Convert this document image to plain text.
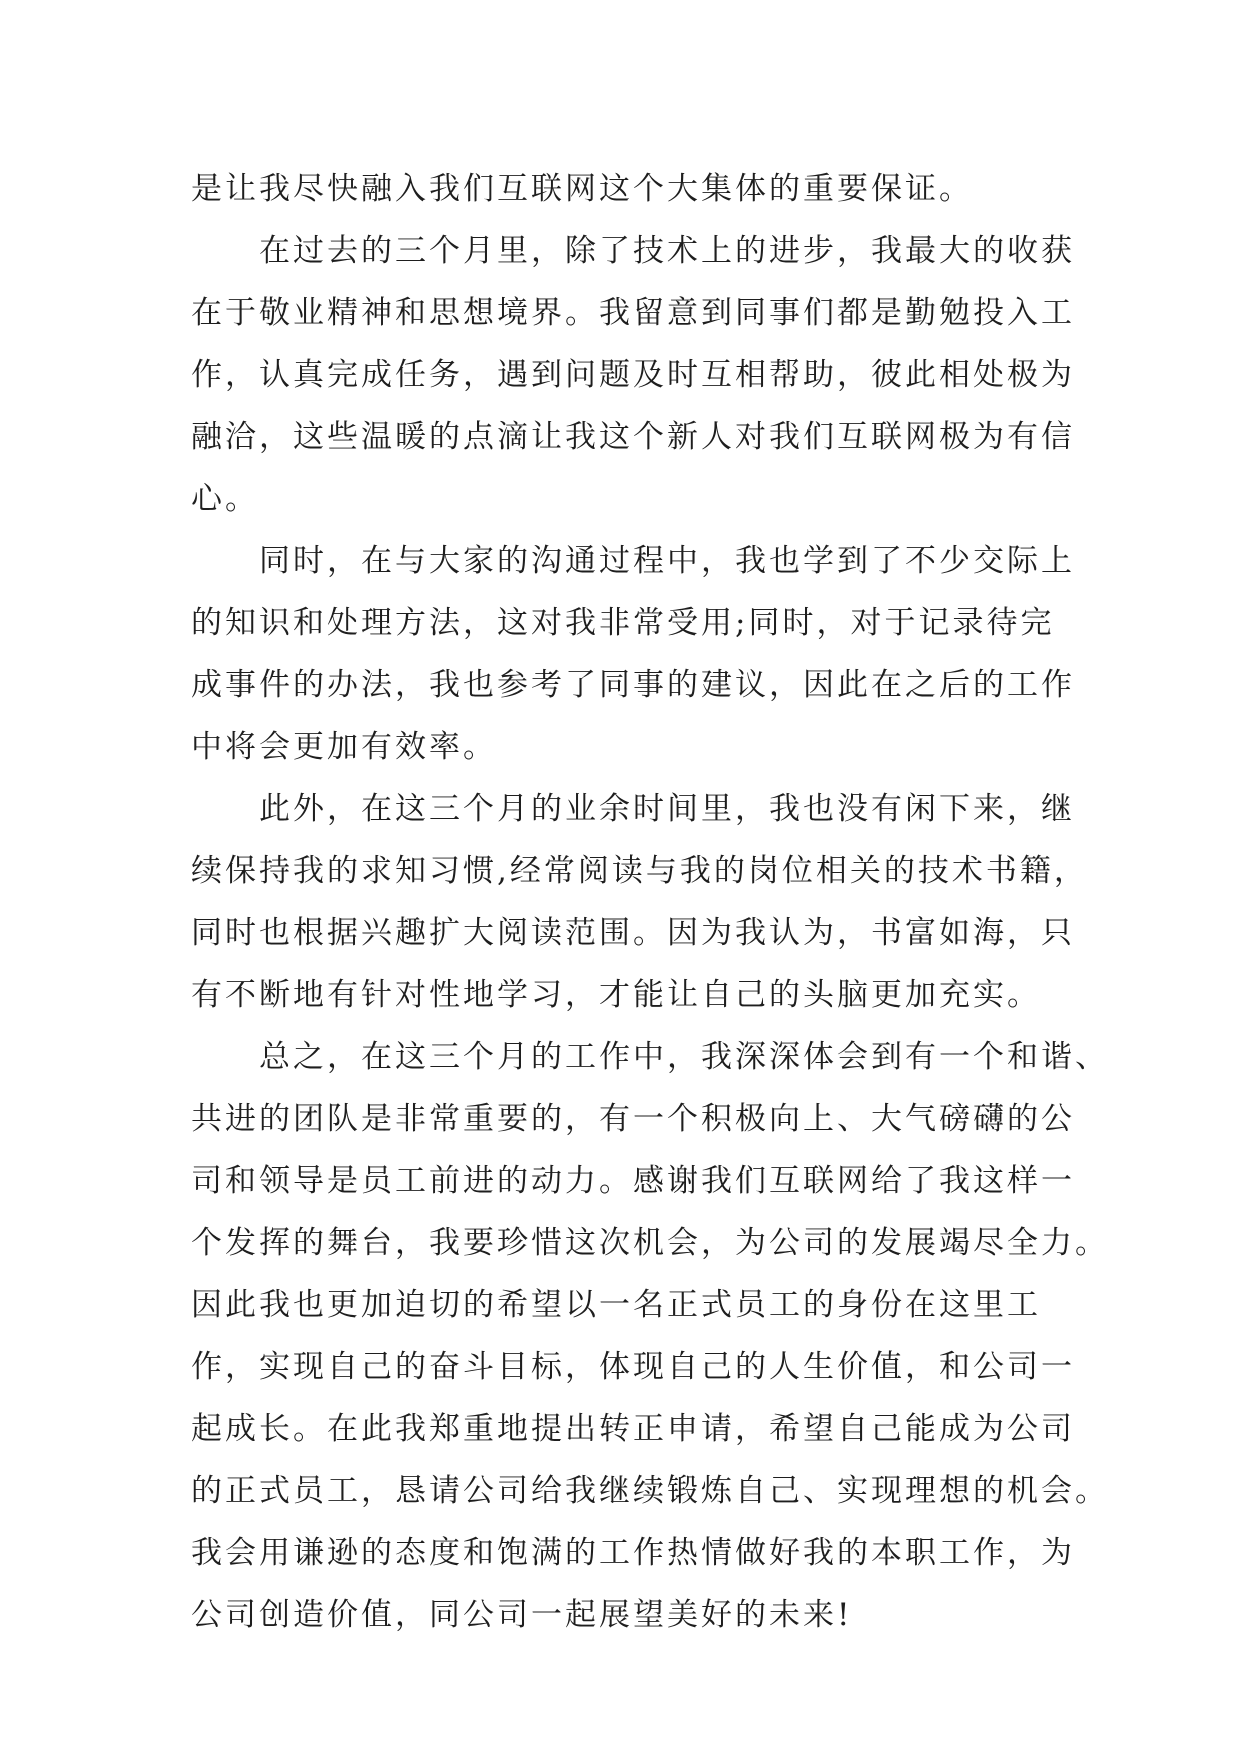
是让我尽快融入我们互联网这个大集体的重要保证。

在过去的三个月里，除了技术上的进步，我最大的收获
在于敬业精神和思想境界。我留意到同事们都是勤勉投入工
作，认真完成任务，遇到问题及时互相帮助，彼此相处极为
融洽，这些温暖的点滴让我这个新人对我们互联网极为有信
心。

同时，在与大家的沟通过程中，我也学到了不少交际上
的知识和处理方法，这对我非常受用;同时，对于记录待完
成事件的办法，我也参考了同事的建议，因此在之后的工作
中将会更加有效率。

此外，在这三个月的业余时间里，我也没有闲下来，继
续保持我的求知习惯,经常阅读与我的岗位相关的技术书籍，
同时也根据兴趣扩大阅读范围。因为我认为，书富如海，只
有不断地有针对性地学习，才能让自己的头脑更加充实。

总之，在这三个月的工作中，我深深体会到有一个和谐、
共进的团队是非常重要的，有一个积极向上、大气磅礴的公
司和领导是员工前进的动力。感谢我们互联网给了我这样一
个发挥的舞台，我要珍惜这次机会，为公司的发展竭尽全力。
因此我也更加迫切的希望以一名正式员工的身份在这里工
作，实现自己的奋斗目标，体现自己的人生价值，和公司一
起成长。在此我郑重地提出转正申请，希望自己能成为公司
的正式员工，恳请公司给我继续锻炼自己、实现理想的机会。
我会用谦逊的态度和饱满的工作热情做好我的本职工作，为
公司创造价值，同公司一起展望美好的未来!
